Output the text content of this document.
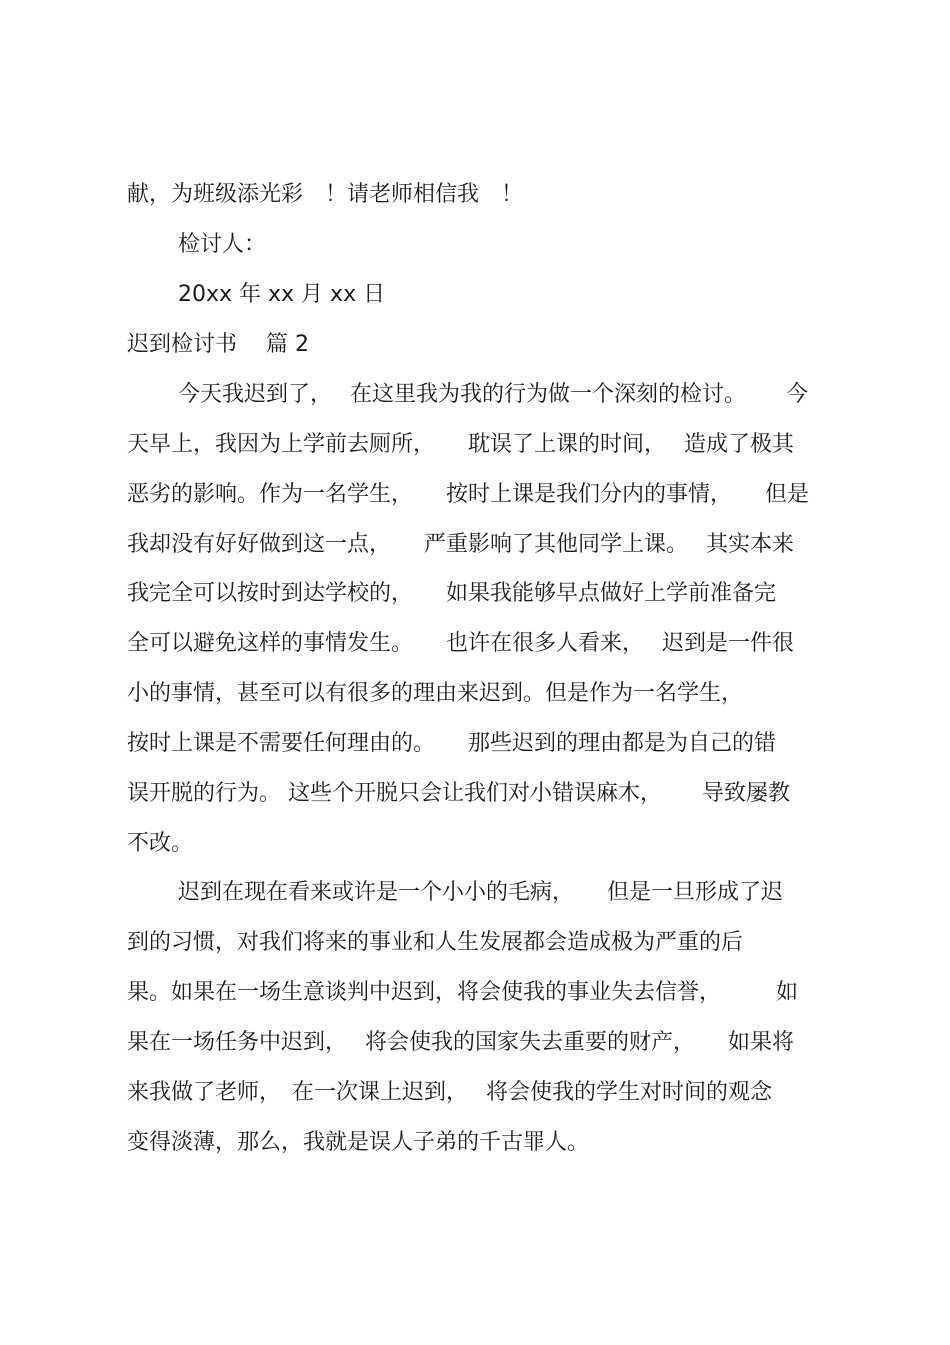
献，为班级添光彩　！请老师相信我　！
检讨人：
20xx 年 xx 月 xx 日
迟到检讨书　 篇 2
今天我迟到了，　 在这里我为我的行为做一个深刻的检讨。　　 今
天早上，我因为上学前去厕所，　　耽误了上课的时间，　 造成了极其
恶劣的影响。作为一名学生，　　按时上课是我们分内的事情，　　但是
我却没有好好做到这一点，　　严重影响了其他同学上课。　 其实本来
我完全可以按时到达学校的，　　如果我能够早点做好上学前准备完
全可以避免这样的事情发生。　　也许在很多人看来，　 迟到是一件很
小的事情，甚至可以有很多的理由来迟到。但是作为一名学生，
按时上课是不需要任何理由的。　　那些迟到的理由都是为自己的错
误开脱的行为。 这些个开脱只会让我们对小错误麻木，　　 导致屡教
不改。
迟到在现在看来或许是一个小小的毛病，　　但是一旦形成了迟
到的习惯，对我们将来的事业和人生发展都会造成极为严重的后
果。如果在一场生意谈判中迟到，将会使我的事业失去信誉，　　　如
果在一场任务中迟到，　 将会使我的国家失去重要的财产，　　如果将
来我做了老师，　在一次课上迟到，　 将会使我的学生对时间的观念
变得淡薄，那么，我就是误人子弟的千古罪人。
